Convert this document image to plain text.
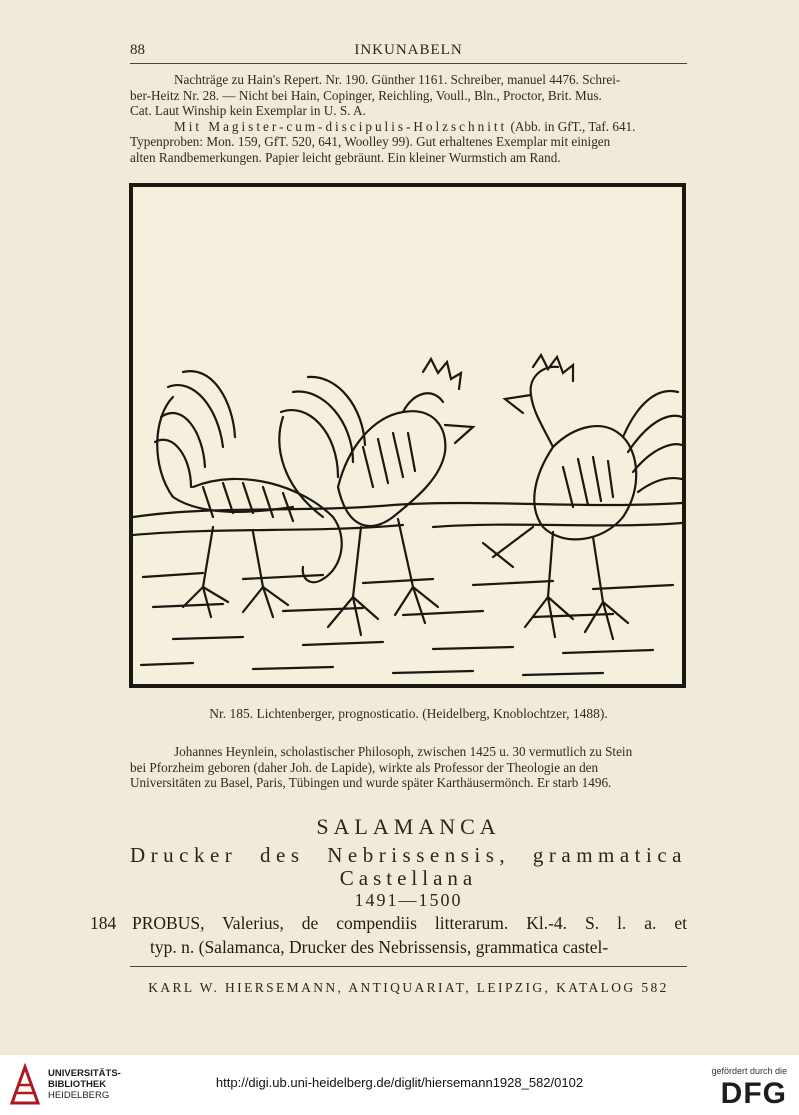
88	INKUNABELN
Nachträge zu Hain's Repert. Nr. 190. Günther 1161. Schreiber, manuel 4476. Schrei-
ber-Heitz Nr. 28. — Nicht bei Hain, Copinger, Reichling, Voull., Bln., Proctor, Brit. Mus.
Cat. Laut Winship kein Exemplar in U. S. A.
Mit Magister-cum-discipulis-Holzschnitt (Abb. in GfT., Taf. 641.
Typenproben: Mon. 159, GfT. 520, 641, Woolley 99). Gut erhaltenes Exemplar mit einigen
alten Randbemerkungen. Papier leicht gebräunt. Ein kleiner Wurmstich am Rand.
Nr. 185. Lichtenberger, prognosticatio. (Heidelberg, Knoblochtzer, 1488).
Johannes Heynlein, scholastischer Philosoph, zwischen 1425 u. 30 vermutlich zu Stein
bei Pforzheim geboren (daher Joh. de Lapide), wirkte als Professor der Theologie an den
Universitäten zu Basel, Paris, Tübingen und wurde später Karthäusermönch. Er starb 1496.
SALAMANCA
Drucker des Nebrissensis, grammatica
Castellana
1491—1500
184 PROBUS, Valerius, de compendiis litterarum. Kl.-4. S. l. a. et
typ. n. (Salamanca, Drucker des Nebrissensis, grammatica castel-
KARL W. HIERSEMANN, ANTIQUARIAT, LEIPZIG, KATALOG 582
UNIVERSITÄTS-
BIBLIOTHEK
HEIDELBERG
http://digi.ub.uni-heidelberg.de/diglit/hiersemann1928_582/0102
gefördert durch die
DFG
